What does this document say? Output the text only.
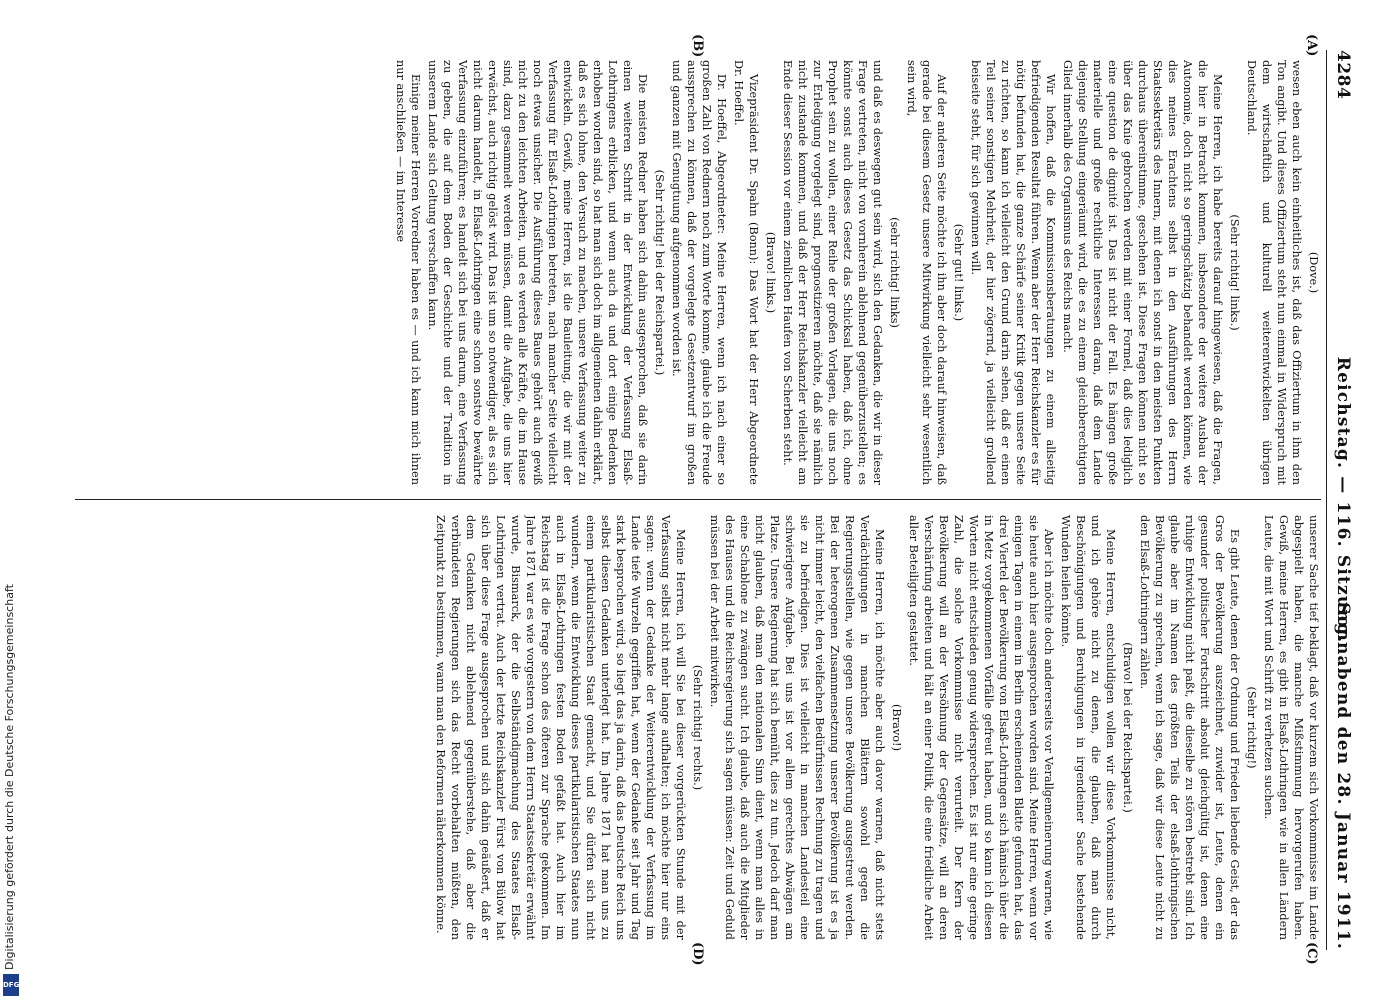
4284
Reichstag. — 116. Sitzung.
Sonnabend den 28. Januar 1911.
(A)
(B)
(C)
(D)

(Dove.)

wesen eben auch kein einheitliches ist, daß das Offiziertum in ihm den Ton angibt. Und dieses Offiziertum steht nun einmal in Widerspruch mit dem wirtschaftlich und kulturell weiterentwickelten übrigen Deutschland.

(Sehr richtig! links.)

Meine Herren, ich habe bereits darauf hingewiesen, daß die Fragen, die hier in Betracht kommen, insbesondere der weitere Ausbau der Autonomie, doch nicht so geringschätzig behandelt werden können, wie dies meines Erachtens selbst in den Ausführungen des Herrn Staatssekretärs des Innern, mit denen ich sonst in den meisten Punkten durchaus übereinstimme, geschehen ist. Diese Fragen können nicht so über das Knie gebrochen werden mit einer Formel, daß dies lediglich eine question de dignité ist. Das ist nicht der Fall. Es hängen große materielle und große rechtliche Interessen daran, daß dem Lande diejenige Stellung eingeräumt wird, die es zu einem gleichberechtigten Glied innerhalb des Organismus des Reichs macht.

Wir hoffen, daß die Kommissionsberatungen zu einem allseitig befriedigenden Resultat führen. Wenn aber der Herr Reichskanzler es für nötig befunden hat, die ganze Schärfe seiner Kritik gegen unsere Seite zu richten, so kann ich vielleicht den Grund darin sehen, daß er einen Teil seiner sonstigen Mehrheit, der hier zögernd, ja vielleicht grollend beiseite steht, für sich gewinnen will.

(Sehr gut! links.)

Auf der anderen Seite möchte ich ihn aber doch darauf hinweisen, daß gerade bei diesem Gesetz unsere Mitwirkung vielleicht sehr wesentlich sein wird,

(sehr richtig! links)

und daß es deswegen gut sein wird, sich den Gedanken, die wir in dieser Frage vertreten, nicht von vornherein ablehnend gegenüberzustellen; es könnte sonst auch dieses Gesetz das Schicksal haben, daß ich, ohne Prophet sein zu wollen, einer Reihe der großen Vorlagen, die uns noch zur Erledigung vorgelegt sind, prognostizieren möchte, daß sie nämlich nicht zustande kommen, und daß der Herr Reichskanzler vielleicht am Ende dieser Session vor einem ziemlichen Haufen von Scherben steht.

(Bravo! links.)

Vizepräsident Dr. Spahn (Bonn): Das Wort hat der Herr Abgeordnete Dr. Hoeffel.

Dr. Hoeffel, Abgeordneter: Meine Herren, wenn ich nach einer so großen Zahl von Rednern noch zum Worte komme, glaube ich die Freude aussprechen zu können, daß der vorgelegte Gesetzentwurf im großen und ganzen mit Genugtuung aufgenommen worden ist.

(Sehr richtig! bei der Reichspartei.)

Die meisten Redner haben sich dahin ausgesprochen, daß sie darin einen weiteren Schritt in der Entwicklung der Verfassung Elsaß-Lothringens erblicken, und wenn auch da und dort einige Bedenken erhoben worden sind, so hat man sich doch im allgemeinen dahin erklärt, daß es sich lohne, den Versuch zu machen, unsere Verfassung weiter zu entwickeln. Gewiß, meine Herren, ist die Bauleitung, die wir mit der Verfassung für Elsaß-Lothringen betreten, nach mancher Seite vielleicht noch etwas unsicher. Die Ausführung dieses Baues gehört auch gewiß nicht zu den leichten Arbeiten, und es werden alle Kräfte, die im Hause sind, dazu gesammelt werden müssen, damit die Aufgabe, die uns hier erwächst, auch richtig gelöst wird. Das ist um so notwendiger, als es sich nicht darum handelt, in Elsaß-Lothringen eine schon sonstwo bewährte Verfassung einzuführen; es handelt sich bei uns darum, eine Verfassung zu geben, die auf dem Boden der Geschichte und der Tradition in unserem Lande sich Geltung verschaffen kann.

Einige meiner Herren Vorredner haben es — und ich kann mich ihnen nur anschließen — im Interesse

unserer Sache tief beklagt, daß vor kurzem sich Vorkommnisse im Lande abgespielt haben, die manche Mißstimmung hervorgerufen haben. Gewiß, meine Herren, es gibt in Elsaß-Lothringen wie in allen Ländern Leute, die mit Wort und Schrift zu verhetzen suchen.

(Sehr richtig!)

Es gibt Leute, denen der Ordnung und Frieden liebende Geist, der das Gros der Bevölkerung auszeichnet, zuwider ist, Leute, denen ein gesunder politischer Fortschritt absolut gleichgültig ist, denen eine ruhige Entwicklung nicht paßt, die dieselbe zu stören bestrebt sind. Ich glaube aber im Namen des größten Teils der elsaß-lothringischen Bevölkerung zu sprechen, wenn ich sage, daß wir diese Leute nicht zu den Elsaß-Lothringern zählen.

(Bravo! bei der Reichspartei.)

Meine Herren, entschuldigen wollen wir diese Vorkommnisse nicht, und ich gehöre nicht zu denen, die glauben, daß man durch Beschönigungen und Beruhigungen in irgendeiner Sache bestehende Wunden heilen könnte.

Aber ich möchte doch andererseits vor Verallgemeinerung warnen, wie sie heute auch hier ausgesprochen worden sind. Meine Herren, wenn vor einigen Tagen in einem in Berlin erscheinenden Blatte gefunden hat, das drei Viertel der Bevölkerung von Elsaß-Lothringen sich hämisch über die in Metz vorgekommenen Vorfälle gefreut haben, und so kann ich diesen Worten nicht entschieden genug widersprechen. Es ist nur eine geringe Zahl, die solche Vorkommnisse nicht verurteilt. Der Kern der Bevölkerung will an der Versöhnung der Gegensätze, will an deren Verschärfung arbeiten und hält an einer Politik, die eine friedliche Arbeit aller Beteiligten gestattet.

(Bravo!)

Meine Herren, ich möchte aber auch davor warnen, daß nicht stets Verdächtigungen in manchen Blättern sowohl gegen die Regierungsstellen, wie gegen unsere Bevölkerung ausgestreut werden. Bei der heterogenen Zusammensetzung unserer Bevölkerung ist es ja nicht immer leicht, den vielfachen Bedürfnissen Rechnung zu tragen und sie zu befriedigen. Dies ist vielleicht in manchen Landesteil eine schwierigere Aufgabe. Bei uns ist vor allem gerechtes Abwägen am Platze. Unsere Regierung hat sich bemüht, dies zu tun. Jedoch darf man nicht glauben, daß man den nationalen Sinn dient, wenn man alles in eine Schablone zu zwängen sucht. Ich glaube, daß auch die Mitglieder des Hauses und die Reichsregierung sich sagen müssen: Zeit und Geduld müssen bei der Arbeit mitwirken.

(Sehr richtig! rechts.)

Meine Herren, ich will Sie bei dieser vorgerückten Stunde mit der Verfassung selbst nicht mehr lange aufhalten; ich möchte hier nur eins sagen: wenn der Gedanke der Weiterentwicklung der Verfassung im Lande tiefe Wurzeln gegriffen hat, wenn der Gedanke seit Jahr und Tag stark besprochen wird, so liegt das ja darin, daß das Deutsche Reich uns selbst diesen Gedanken unterlegt hat. Im Jahre 1871 hat man uns zu einem partikularistischen Staat gemacht, und Sie dürfen sich nicht wundern, wenn die Entwicklung dieses partikularistischen Staates nun auch in Elsaß-Lothringen festen Boden gefaßt hat. Auch hier im Reichstag ist die Frage schon des öfteren zur Sprache gekommen. Im Jahre 1871 war es wie vorgestern von dem Herrn Staatssekretär erwähnt wurde, Bismarck, der die Selbständigmachung des Staates Elsaß-Lothringen vertrat. Auch der letzte Reichskanzler Fürst von Bülow hat sich über diese Frage ausgesprochen und sich dahin geäußert, daß er dem Gedanken nicht ablehnend gegenüberstehe, daß aber die verbündeten Regierungen sich das Recht vorbehalten müßten, den Zeitpunkt zu bestimmen, wann man den Reformen näherkommen könne.

Digitalisierung gefördert durch die Deutsche Forschungsgemeinschaft
DFG
